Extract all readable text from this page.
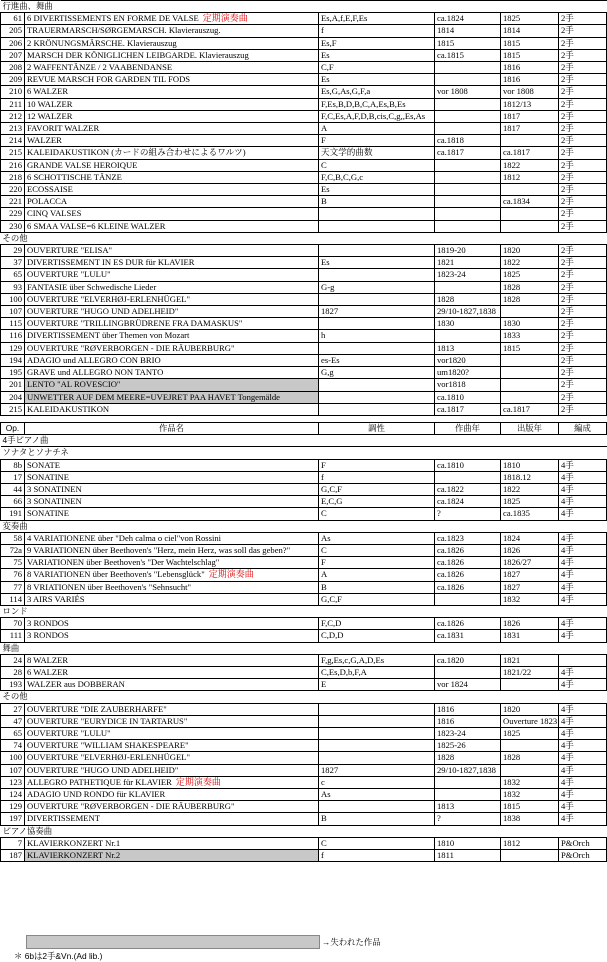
行進曲、舞曲					
61	6 DIVERTISSEMENTS EN FORME DE VALSE 定期演奏曲	Es,A,f,E,F,Es	ca.1824	1825	2手
205	TRAUERMARSCH/SØRGEMARSCH. Klavierauszug.	f	1814	1814	2手
206	2 KRÖNUNGSMÄRSCHE. Klavierauszug	Es,F	1815	1815	2手
207	MARSCH DER KÖNIGLICHEN LEIBGARDE. Klavierauszug	Es	ca.1815	1815	2手
208	2 WAFFENTÄNZE / 2 VAABENDANSE	C,F		1816	2手
209	REVUE MARSCH FOR GARDEN TIL FODS	Es		1816	2手
210	6 WALZER	Es,G,As,G,F,a	vor 1808	vor 1808	2手
211	10 WALZER	F,Es,B,D,B,C,A,Es,B,Es		1812/13	2手
212	12 WALZER	F,C,Es,A,F,D,B,cis,C,g,,Es,As		1817	2手
213	FAVORIT WALZER	A		1817	2手
214	WALZER	F	ca.1818		2手
215	KALEIDAKUSTIKON (カードの組み合わせによるワルツ)	天文学的曲数	ca.1817	ca.1817	2手
216	GRANDE VALSE HEROIQUE	C		1822	2手
218	6 SCHOTTISCHE TÄNZE	F,C,B,C,G,c		1812	2手
220	ECOSSAISE	Es			2手
221	POLACCA	B		ca.1834	2手
229	CINQ VALSES				2手
230	6 SMAA VALSE=6 KLEINE WALZER				2手
その他					
29	OUVERTURE "ELISA"		1819-20	1820	2手
37	DIVERTISSEMENT IN ES DUR für KLAVIER	Es	1821	1822	2手
65	OUVERTURE "LULU"		1823-24	1825	2手
93	FANTASIE über Schwedische Lieder	G-g		1828	2手
100	OUVERTURE "ELVERHØJ-ERLENHÜGEL"		1828	1828	2手
107	OUVERTURE "HUGO UND ADELHEID"	1827	29/10-1827,1838		2手
115	OUVERTURE "TRILLINGBRÜDRENE FRA DAMASKUS"		1830	1830	2手
116	DIVERTISSEMENT über Themen von Mozart	h		1833	2手
129	OUVERTURE "RØVERBORGEN - DIE RÄUBERBURG"		1813	1815	2手
194	ADAGIO und ALLEGRO CON BRIO	es-Es	vor1820		2手
195	GRAVE und ALLEGRO NON TANTO	G,g	um1820?		2手
201	LENTO "AL ROVESCIO"		vor1818		2手
204	UNWETTER AUF DEM MEERE=UVEJRET PAA HAVET Tongemälde		ca.1810		2手
215	KALEIDAKUSTIKON		ca.1817	ca.1817	2手

Op.	作品名	調性	作曲年	出版年	編成
4手ピアノ曲					
ソナタとソナチネ					
8b	SONATE	F	ca.1810	1810	4手
17	SONATINE	f		1818.12	4手
44	3 SONATINEN	G,C,F	ca.1822	1822	4手
66	3 SONATINEN	E,C,G	ca.1824	1825	4手
191	SONATINE	C	?	ca.1835	4手
変奏曲					
58	4 VARIATIONENE über "Deh calma o ciel"von Rossini	As	ca.1823	1824	4手
72a	9 VARIATIONEN über Beethoven's "Herz, mein Herz, was soll das geben?"	C	ca.1826	1826	4手
75	VARIATIONEN über Beethoven's "Der Wachtelschlag"	F	ca.1826	1826/27	4手
76	8 VARIATIONEN über Beethoven's "Lebensglück" 定期演奏曲	A	ca.1826	1827	4手
77	8 VRIATIONEN über Beethoven's "Sehnsucht"	B	ca.1826	1827	4手
114	3 AIRS VARIÉS	G,C,F		1832	4手
ロンド					
70	3 RONDOS	F,C,D	ca.1826	1826	4手
111	3 RONDOS	C,D,D	ca.1831	1831	4手
舞曲					
24	8 WALZER	F,g,Es,c,G,A,D,Es	ca.1820	1821	
28	6 WALZER	C,Es,D,b,F,A		1821/22	4手
193	WALZER aus DOBBERAN	E	vor 1824		4手
その他					
27	OUVERTURE "DIE ZAUBERHARFE"		1816	1820	4手
47	OUVERTURE "EURYDICE IN TARTARUS"		1816	Ouverture 1823	4手
65	OUVERTURE "LULU"		1823-24	1825	4手
74	OUVERTURE "WILLIAM SHAKESPEARE"		1825-26		4手
100	OUVERTURE "ELVERHØJ-ERLENHÜGEL"		1828	1828	4手
107	OUVERTURE "HUGO UND ADELHEID"	1827	29/10-1827,1838		4手
123	ALLEGRO PATHETIQUE für KLAVIER 定期演奏曲	c		1832	4手
124	ADAGIO UND RONDO für KLAVIER	As		1832	4手
129	OUVERTURE "RØVERBORGEN - DIE RÄUBERBURG"		1813	1815	4手
197	DIVERTISSEMENT	B	?	1838	4手
ピアノ協奏曲					
7	KLAVIERKONZERT Nr.1	C	1810	1812	P&Orch
187	KLAVIERKONZERT Nr.2	f	1811		P&Orch
→失われた作品
＊ 6bは2手&Vn.(Ad lib.)
